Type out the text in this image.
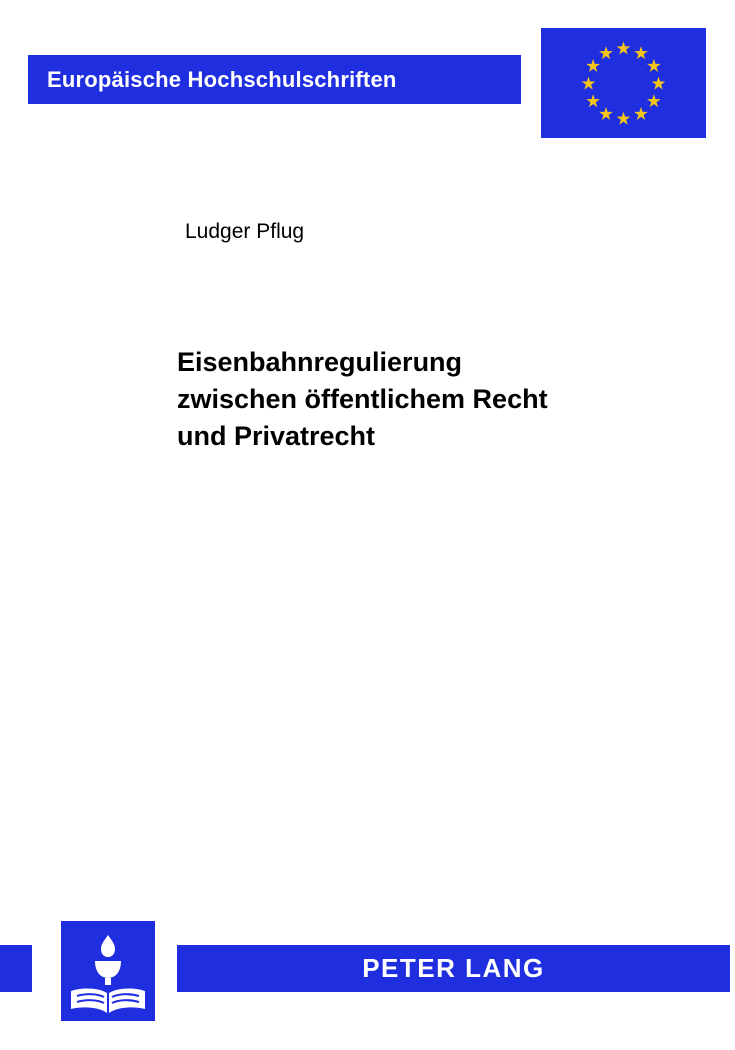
Europäische Hochschulschriften
Ludger Pflug
Eisenbahnregulierung
zwischen öffentlichem Recht
und Privatrecht
PETER LANG
